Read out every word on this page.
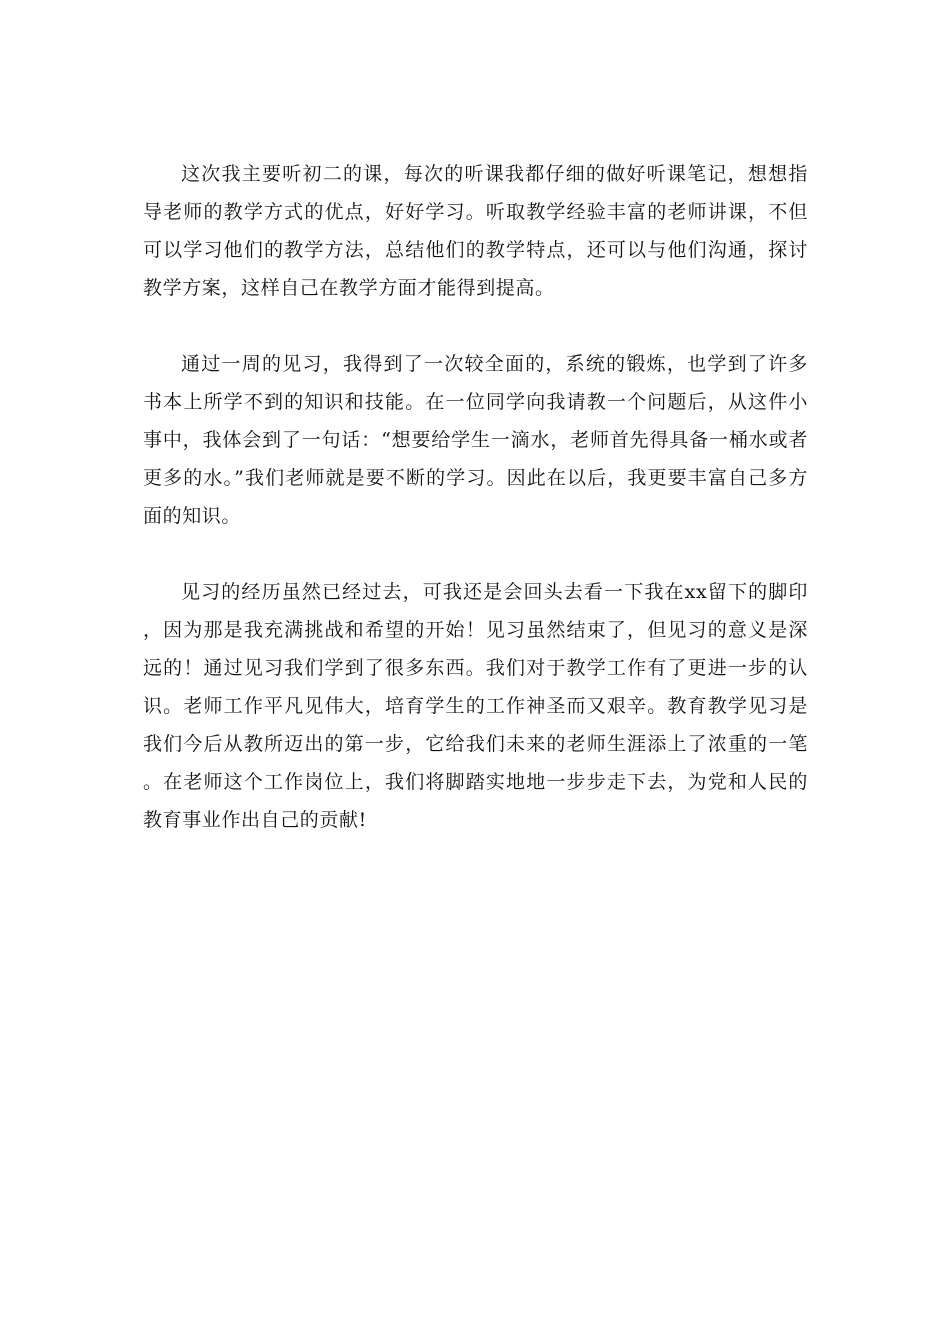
这次我主要听初二的课，每次的听课我都仔细的做好听课笔记，想想指导老师的教学方式的优点，好好学习。听取教学经验丰富的老师讲课，不但可以学习他们的教学方法，总结他们的教学特点，还可以与他们沟通，探讨教学方案，这样自己在教学方面才能得到提高。

通过一周的见习，我得到了一次较全面的，系统的锻炼，也学到了许多书本上所学不到的知识和技能。在一位同学向我请教一个问题后，从这件小事中，我体会到了一句话：“想要给学生一滴水，老师首先得具备一桶水或者更多的水。”我们老师就是要不断的学习。因此在以后，我更要丰富自己多方面的知识。

见习的经历虽然已经过去，可我还是会回头去看一下我在xx留下的脚印，因为那是我充满挑战和希望的开始！见习虽然结束了，但见习的意义是深远的！通过见习我们学到了很多东西。我们对于教学工作有了更进一步的认识。老师工作平凡见伟大，培育学生的工作神圣而又艰辛。教育教学见习是我们今后从教所迈出的第一步，它给我们未来的老师生涯添上了浓重的一笔。在老师这个工作岗位上，我们将脚踏实地地一步步走下去，为党和人民的教育事业作出自己的贡献!
